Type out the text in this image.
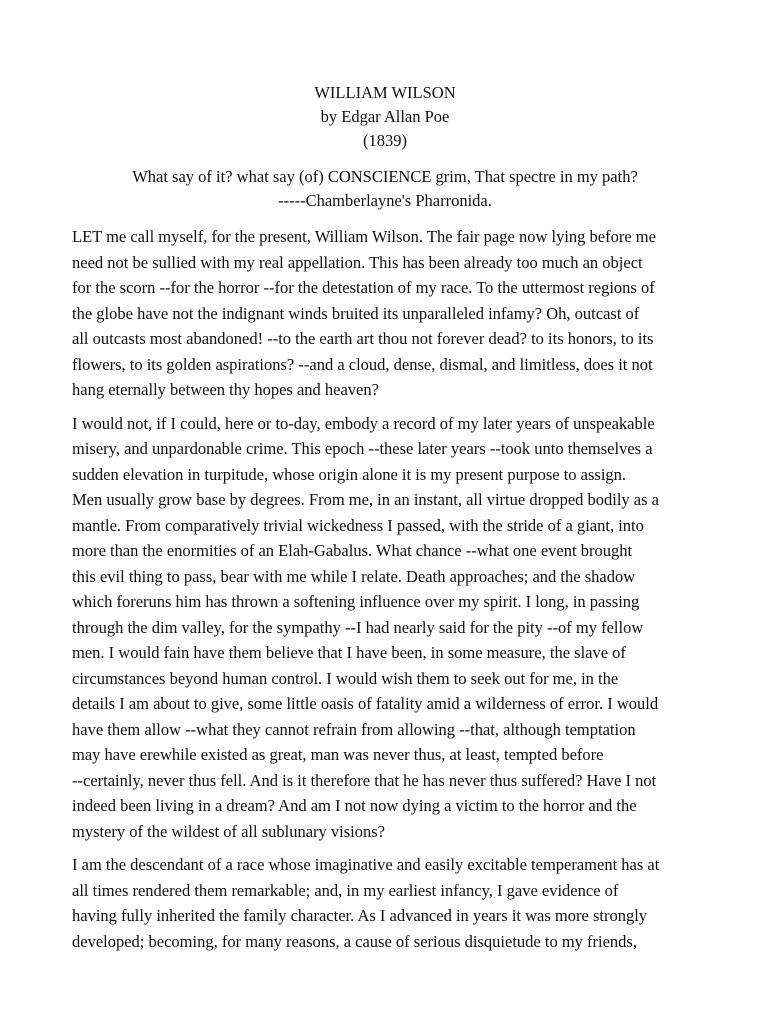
WILLIAM WILSON
by Edgar Allan Poe
(1839)
What say of it? what say (of) CONSCIENCE grim, That spectre in my path?
-----Chamberlayne's Pharronida.

LET me call myself, for the present, William Wilson. The fair page now lying before me
need not be sullied with my real appellation. This has been already too much an object
for the scorn --for the horror --for the detestation of my race. To the uttermost regions of
the globe have not the indignant winds bruited its unparalleled infamy? Oh, outcast of
all outcasts most abandoned! --to the earth art thou not forever dead? to its honors, to its
flowers, to its golden aspirations? --and a cloud, dense, dismal, and limitless, does it not
hang eternally between thy hopes and heaven?

I would not, if I could, here or to-day, embody a record of my later years of unspeakable
misery, and unpardonable crime. This epoch --these later years --took unto themselves a
sudden elevation in turpitude, whose origin alone it is my present purpose to assign.
Men usually grow base by degrees. From me, in an instant, all virtue dropped bodily as a
mantle. From comparatively trivial wickedness I passed, with the stride of a giant, into
more than the enormities of an Elah-Gabalus. What chance --what one event brought
this evil thing to pass, bear with me while I relate. Death approaches; and the shadow
which foreruns him has thrown a softening influence over my spirit. I long, in passing
through the dim valley, for the sympathy --I had nearly said for the pity --of my fellow
men. I would fain have them believe that I have been, in some measure, the slave of
circumstances beyond human control. I would wish them to seek out for me, in the
details I am about to give, some little oasis of fatality amid a wilderness of error. I would
have them allow --what they cannot refrain from allowing --that, although temptation
may have erewhile existed as great, man was never thus, at least, tempted before
--certainly, never thus fell. And is it therefore that he has never thus suffered? Have I not
indeed been living in a dream? And am I not now dying a victim to the horror and the
mystery of the wildest of all sublunary visions?

I am the descendant of a race whose imaginative and easily excitable temperament has at
all times rendered them remarkable; and, in my earliest infancy, I gave evidence of
having fully inherited the family character. As I advanced in years it was more strongly
developed; becoming, for many reasons, a cause of serious disquietude to my friends,
